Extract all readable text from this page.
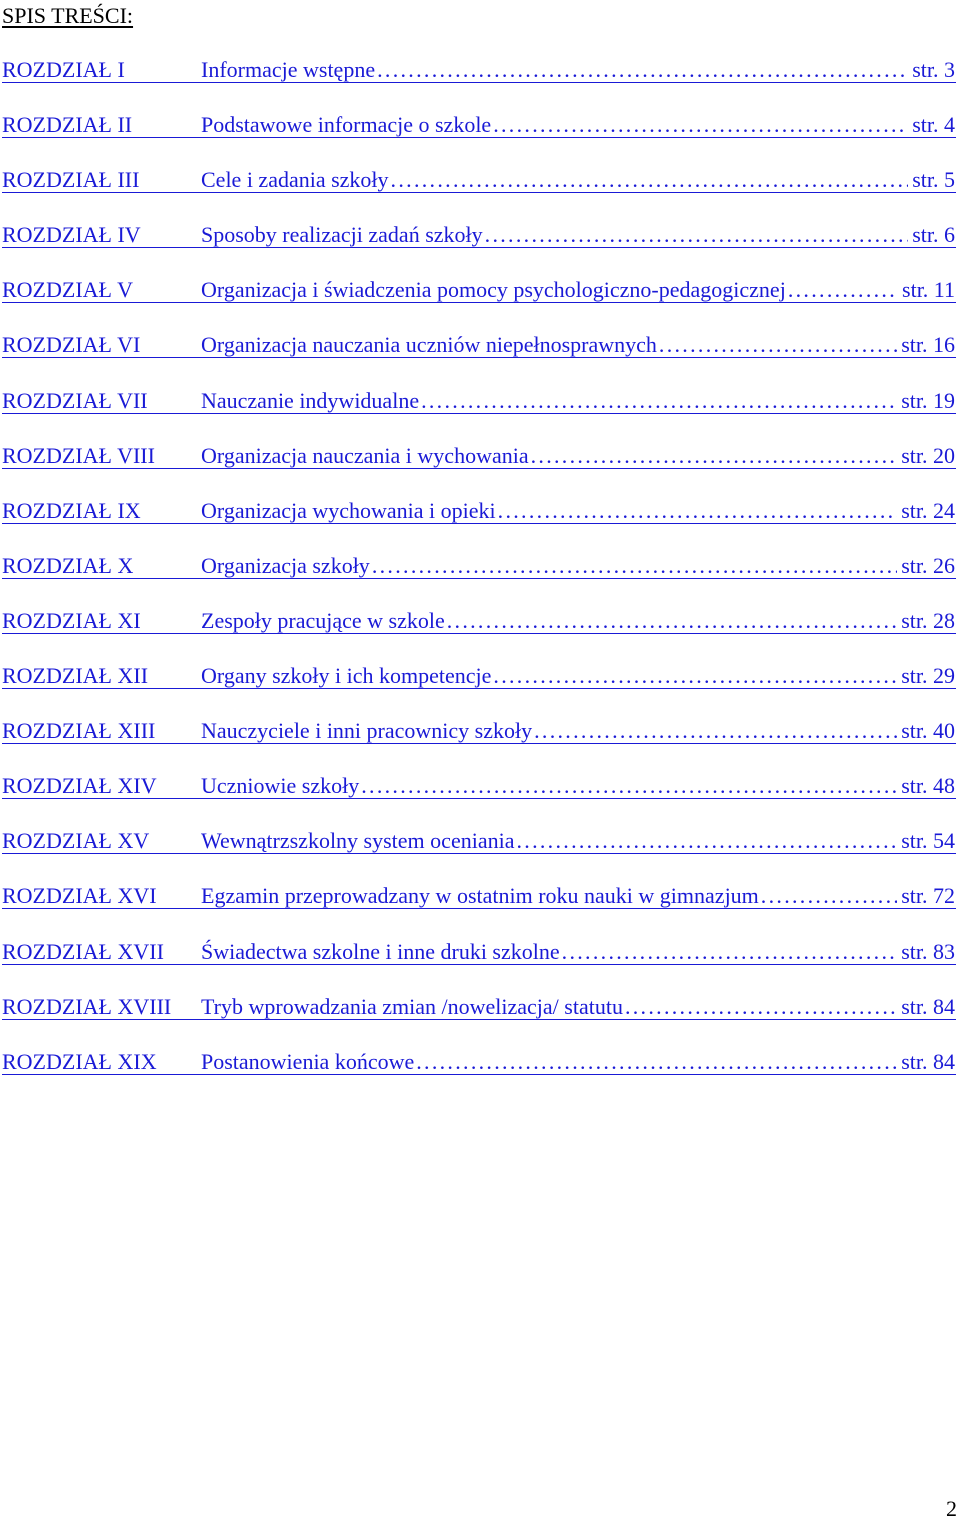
SPIS TREŚCI:
ROZDZIAŁ I	Informacje wstępne . . .	str. 3
ROZDZIAŁ II	Podstawowe informacje o szkole . . .	str. 4
ROZDZIAŁ III	Cele i zadania szkoły . . .	str. 5
ROZDZIAŁ IV	Sposoby realizacji zadań szkoły . . .	str. 6
ROZDZIAŁ V	Organizacja i świadczenia pomocy psychologiczno-pedagogicznej . . .	str. 11
ROZDZIAŁ VI	Organizacja nauczania uczniów niepełnosprawnych . . .	str. 16
ROZDZIAŁ VII Nauczanie indywidualne . . .	str. 19
ROZDZIAŁ VIII Organizacja nauczania i wychowania . . .	str. 20
ROZDZIAŁ IX	Organizacja wychowania i opieki . . .	str. 24
ROZDZIAŁ X	Organizacja szkoły . . .	str. 26
ROZDZIAŁ XI	Zespoły pracujące w szkole . . .	str. 28
ROZDZIAŁ XII Organy szkoły i ich kompetencje . . .	str. 29
ROZDZIAŁ XIII Nauczyciele i inni pracownicy szkoły . . .	str. 40
ROZDZIAŁ XIV Uczniowie szkoły . . .	str. 48
ROZDZIAŁ XV Wewnątrzszkolny system oceniania . . .	str. 54
ROZDZIAŁ XVI Egzamin przeprowadzany w ostatnim roku nauki w gimnazjum . . .	str. 72
ROZDZIAŁ XVII Świadectwa szkolne i inne druki szkolne . . .	str. 83
ROZDZIAŁ XVIII Tryb wprowadzania zmian /nowelizacja/ statutu . . .	str. 84
ROZDZIAŁ XIX Postanowienia końcowe . . .	str. 84
2
